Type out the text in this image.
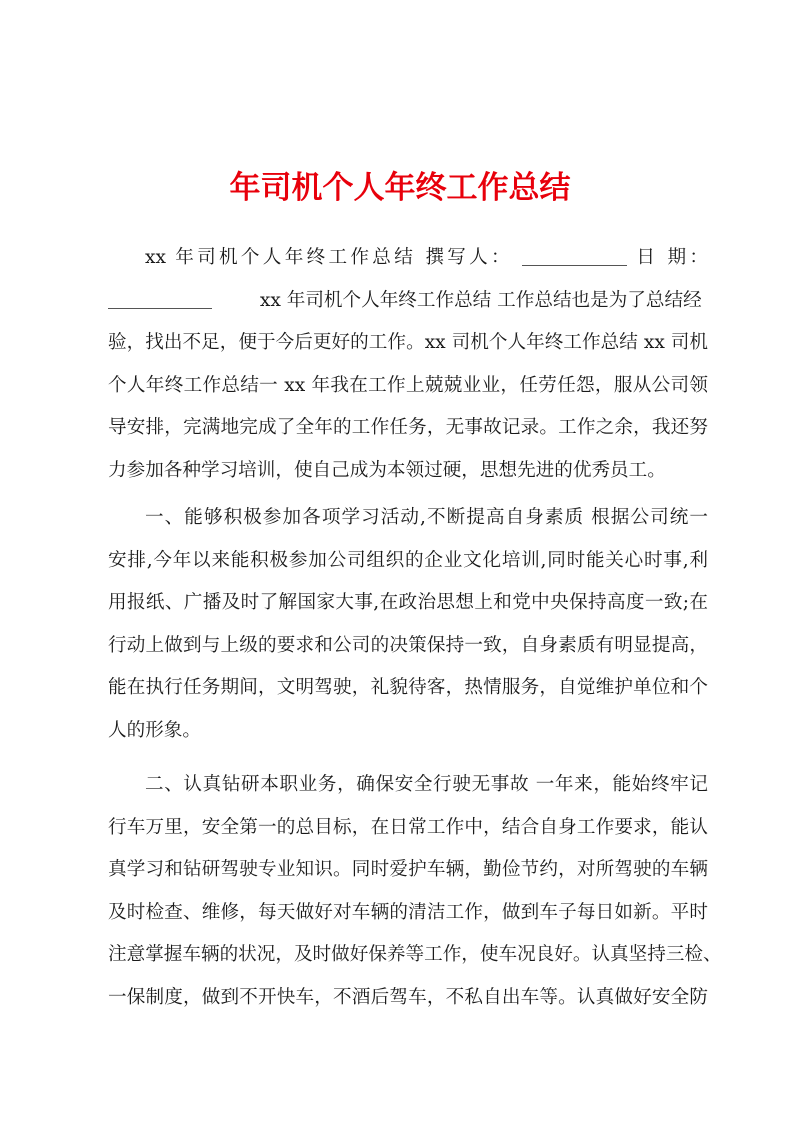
年司机个人年终工作总结
xx 年司机个人年终工作总结 撰写人：	日 期：
xx 年司机个人年终工作总结 工作总结也是为了总结经
验，找出不足，便于今后更好的工作。xx 司机个人年终工作总结 xx 司机
个人年终工作总结一 xx 年我在工作上兢兢业业，任劳任怨，服从公司领
导安排，完满地完成了全年的工作任务，无事故记录。工作之余，我还努
力参加各种学习培训，使自己成为本领过硬，思想先进的优秀员工。
一、能够积极参加各项学习活动,不断提高自身素质 根据公司统一
安排,今年以来能积极参加公司组织的企业文化培训,同时能关心时事,利
用报纸、广播及时了解国家大事,在政治思想上和党中央保持高度一致;在
行动上做到与上级的要求和公司的决策保持一致，自身素质有明显提高，
能在执行任务期间，文明驾驶，礼貌待客，热情服务，自觉维护单位和个
人的形象。
二、认真钻研本职业务，确保安全行驶无事故 一年来，能始终牢记
行车万里，安全第一的总目标，在日常工作中，结合自身工作要求，能认
真学习和钻研驾驶专业知识。同时爱护车辆，勤俭节约，对所驾驶的车辆
及时检查、维修，每天做好对车辆的清洁工作，做到车子每日如新。平时
注意掌握车辆的状况，及时做好保养等工作，使车况良好。认真坚持三检、
一保制度，做到不开快车，不酒后驾车，不私自出车等。认真做好安全防
